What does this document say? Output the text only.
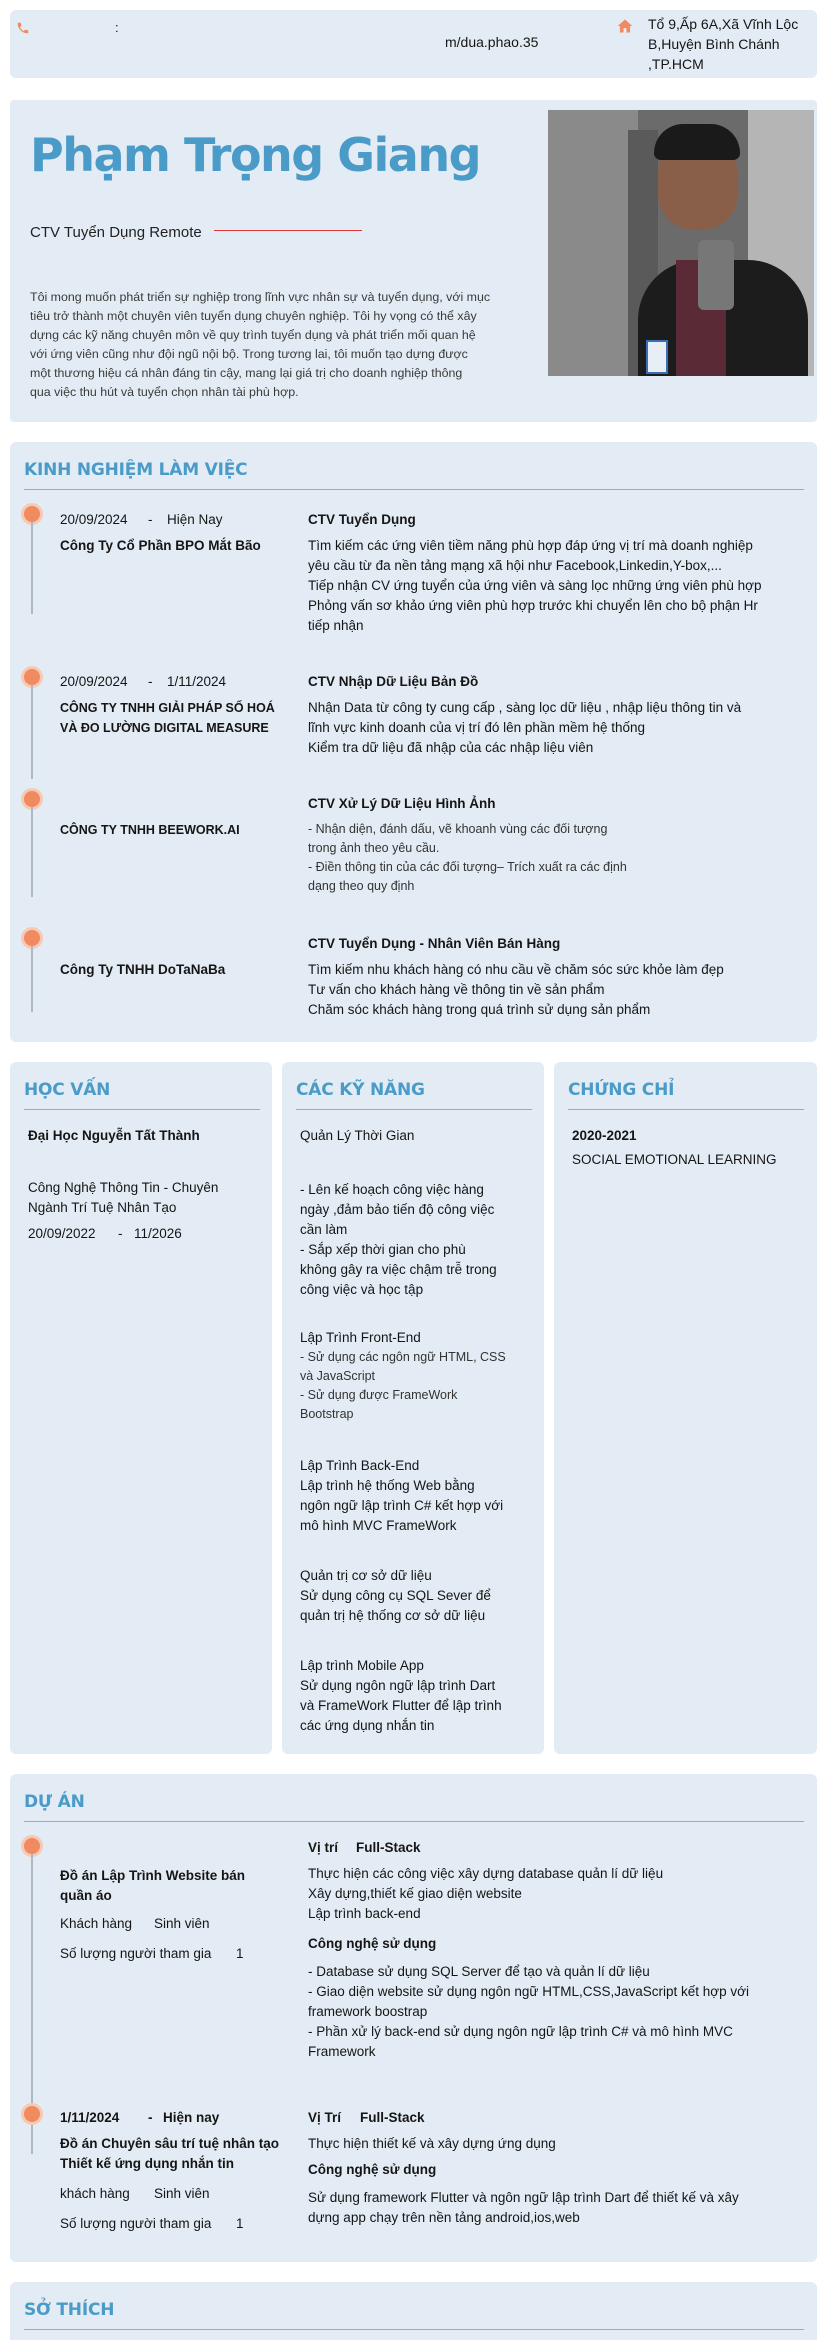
:
m/dua.phao.35
Tổ 9,Ấp 6A,Xã Vĩnh Lộc
B,Huyện Bình Chánh
,TP.HCM
Phạm Trọng Giang
CTV Tuyển Dụng Remote
Tôi mong muốn phát triển sự nghiệp trong lĩnh vực nhân sự và tuyển dụng, với mục
tiêu trở thành một chuyên viên tuyển dụng chuyên nghiệp. Tôi hy vọng có thể xây
dựng các kỹ năng chuyên môn về quy trình tuyển dụng và phát triển mối quan hệ
với ứng viên cũng như đội ngũ nội bộ. Trong tương lai, tôi muốn tạo dựng được
một thương hiệu cá nhân đáng tin cậy, mang lại giá trị cho doanh nghiệp thông
qua việc thu hút và tuyển chọn nhân tài phù hợp.
KINH NGHIỆM LÀM VIỆC
20/09/2024 - Hiện Nay
Công Ty Cổ Phần BPO Mắt Bão
CTV Tuyển Dụng
Tìm kiếm các ứng viên tiềm năng phù hợp đáp ứng vị trí mà doanh nghiệp
yêu cầu từ đa nền tảng mạng xã hội như Facebook,Linkedin,Y-box,...
Tiếp nhận CV ứng tuyển của ứng viên và sàng lọc những ứng viên phù hợp
Phỏng vấn sơ khảo ứng viên phù hợp trước khi chuyển lên cho bộ phận Hr
tiếp nhận
20/09/2024 - 1/11/2024
CÔNG TY TNHH GIẢI PHÁP SỐ HOÁ
VÀ ĐO LƯỜNG DIGITAL MEASURE
CTV Nhập Dữ Liệu Bản Đồ
Nhận Data từ công ty cung cấp , sàng lọc dữ liệu , nhập liệu thông tin và
lĩnh vực kinh doanh của vị trí đó lên phần mềm hệ thống
Kiểm tra dữ liệu đã nhập của các nhập liệu viên
CÔNG TY TNHH BEEWORK.AI
CTV Xử Lý Dữ Liệu Hình Ảnh
- Nhận diện, đánh dấu, vẽ khoanh vùng các đối tượng
trong ảnh theo yêu cầu.
- Điền thông tin của các đối tượng– Trích xuất ra các định
dạng theo quy định
Công Ty TNHH DoTaNaBa
CTV Tuyển Dụng - Nhân Viên Bán Hàng
Tìm kiếm nhu khách hàng có nhu cầu về chăm sóc sức khỏe làm đẹp
Tư vấn cho khách hàng về thông tin về sản phẩm
Chăm sóc khách hàng trong quá trình sử dụng sản phẩm
HỌC VẤN
Đại Học Nguyễn Tất Thành
Công Nghệ Thông Tin - Chuyên
Ngành Trí Tuệ Nhân Tạo
20/09/2022 - 11/2026
CÁC KỸ NĂNG
Quản Lý Thời Gian
- Lên kế hoạch công việc hàng
ngày ,đảm bảo tiến độ công việc
cần làm
- Sắp xếp thời gian cho phù
không gây ra việc chậm trễ trong
công việc và học tập
Lập Trình Front-End
- Sử dụng các ngôn ngữ HTML, CSS
và JavaScript
- Sử dụng được FrameWork
Bootstrap
Lập Trình Back-End
Lập trình hệ thống Web bằng
ngôn ngữ lập trình C# kết hợp với
mô hình MVC FrameWork
Quản trị cơ sở dữ liệu
Sử dụng công cụ SQL Sever để
quản trị hệ thống cơ sở dữ liệu
Lập trình Mobile App
Sử dụng ngôn ngữ lập trình Dart
và FrameWork Flutter để lập trình
các ứng dụng nhắn tin
CHỨNG CHỈ
2020-2021
SOCIAL EMOTIONAL LEARNING
DỰ ÁN
Đồ án Lập Trình Website bán
quần áo
Khách hàng Sinh viên
Số lượng người tham gia 1
Vị trí Full-Stack
Thực hiện các công việc xây dựng database quản lí dữ liệu
Xây dựng,thiết kế giao diện website
Lập trình back-end
Công nghệ sử dụng
- Database sử dụng SQL Server để tạo và quản lí dữ liệu
- Giao diện website sử dụng ngôn ngữ HTML,CSS,JavaScript kết hợp với
framework boostrap
- Phần xử lý back-end sử dụng ngôn ngữ lập trình C# và mô hình MVC
Framework
1/11/2024 - Hiện nay
Đồ án Chuyên sâu trí tuệ nhân tạo
Thiết kế ứng dụng nhắn tin
khách hàng Sinh viên
Số lượng người tham gia 1
Vị Trí Full-Stack
Thực hiện thiết kế và xây dựng ứng dụng
Công nghệ sử dụng
Sử dụng framework Flutter và ngôn ngữ lập trình Dart để thiết kế và xây
dựng app chạy trên nền tảng android,ios,web
SỞ THÍCH
